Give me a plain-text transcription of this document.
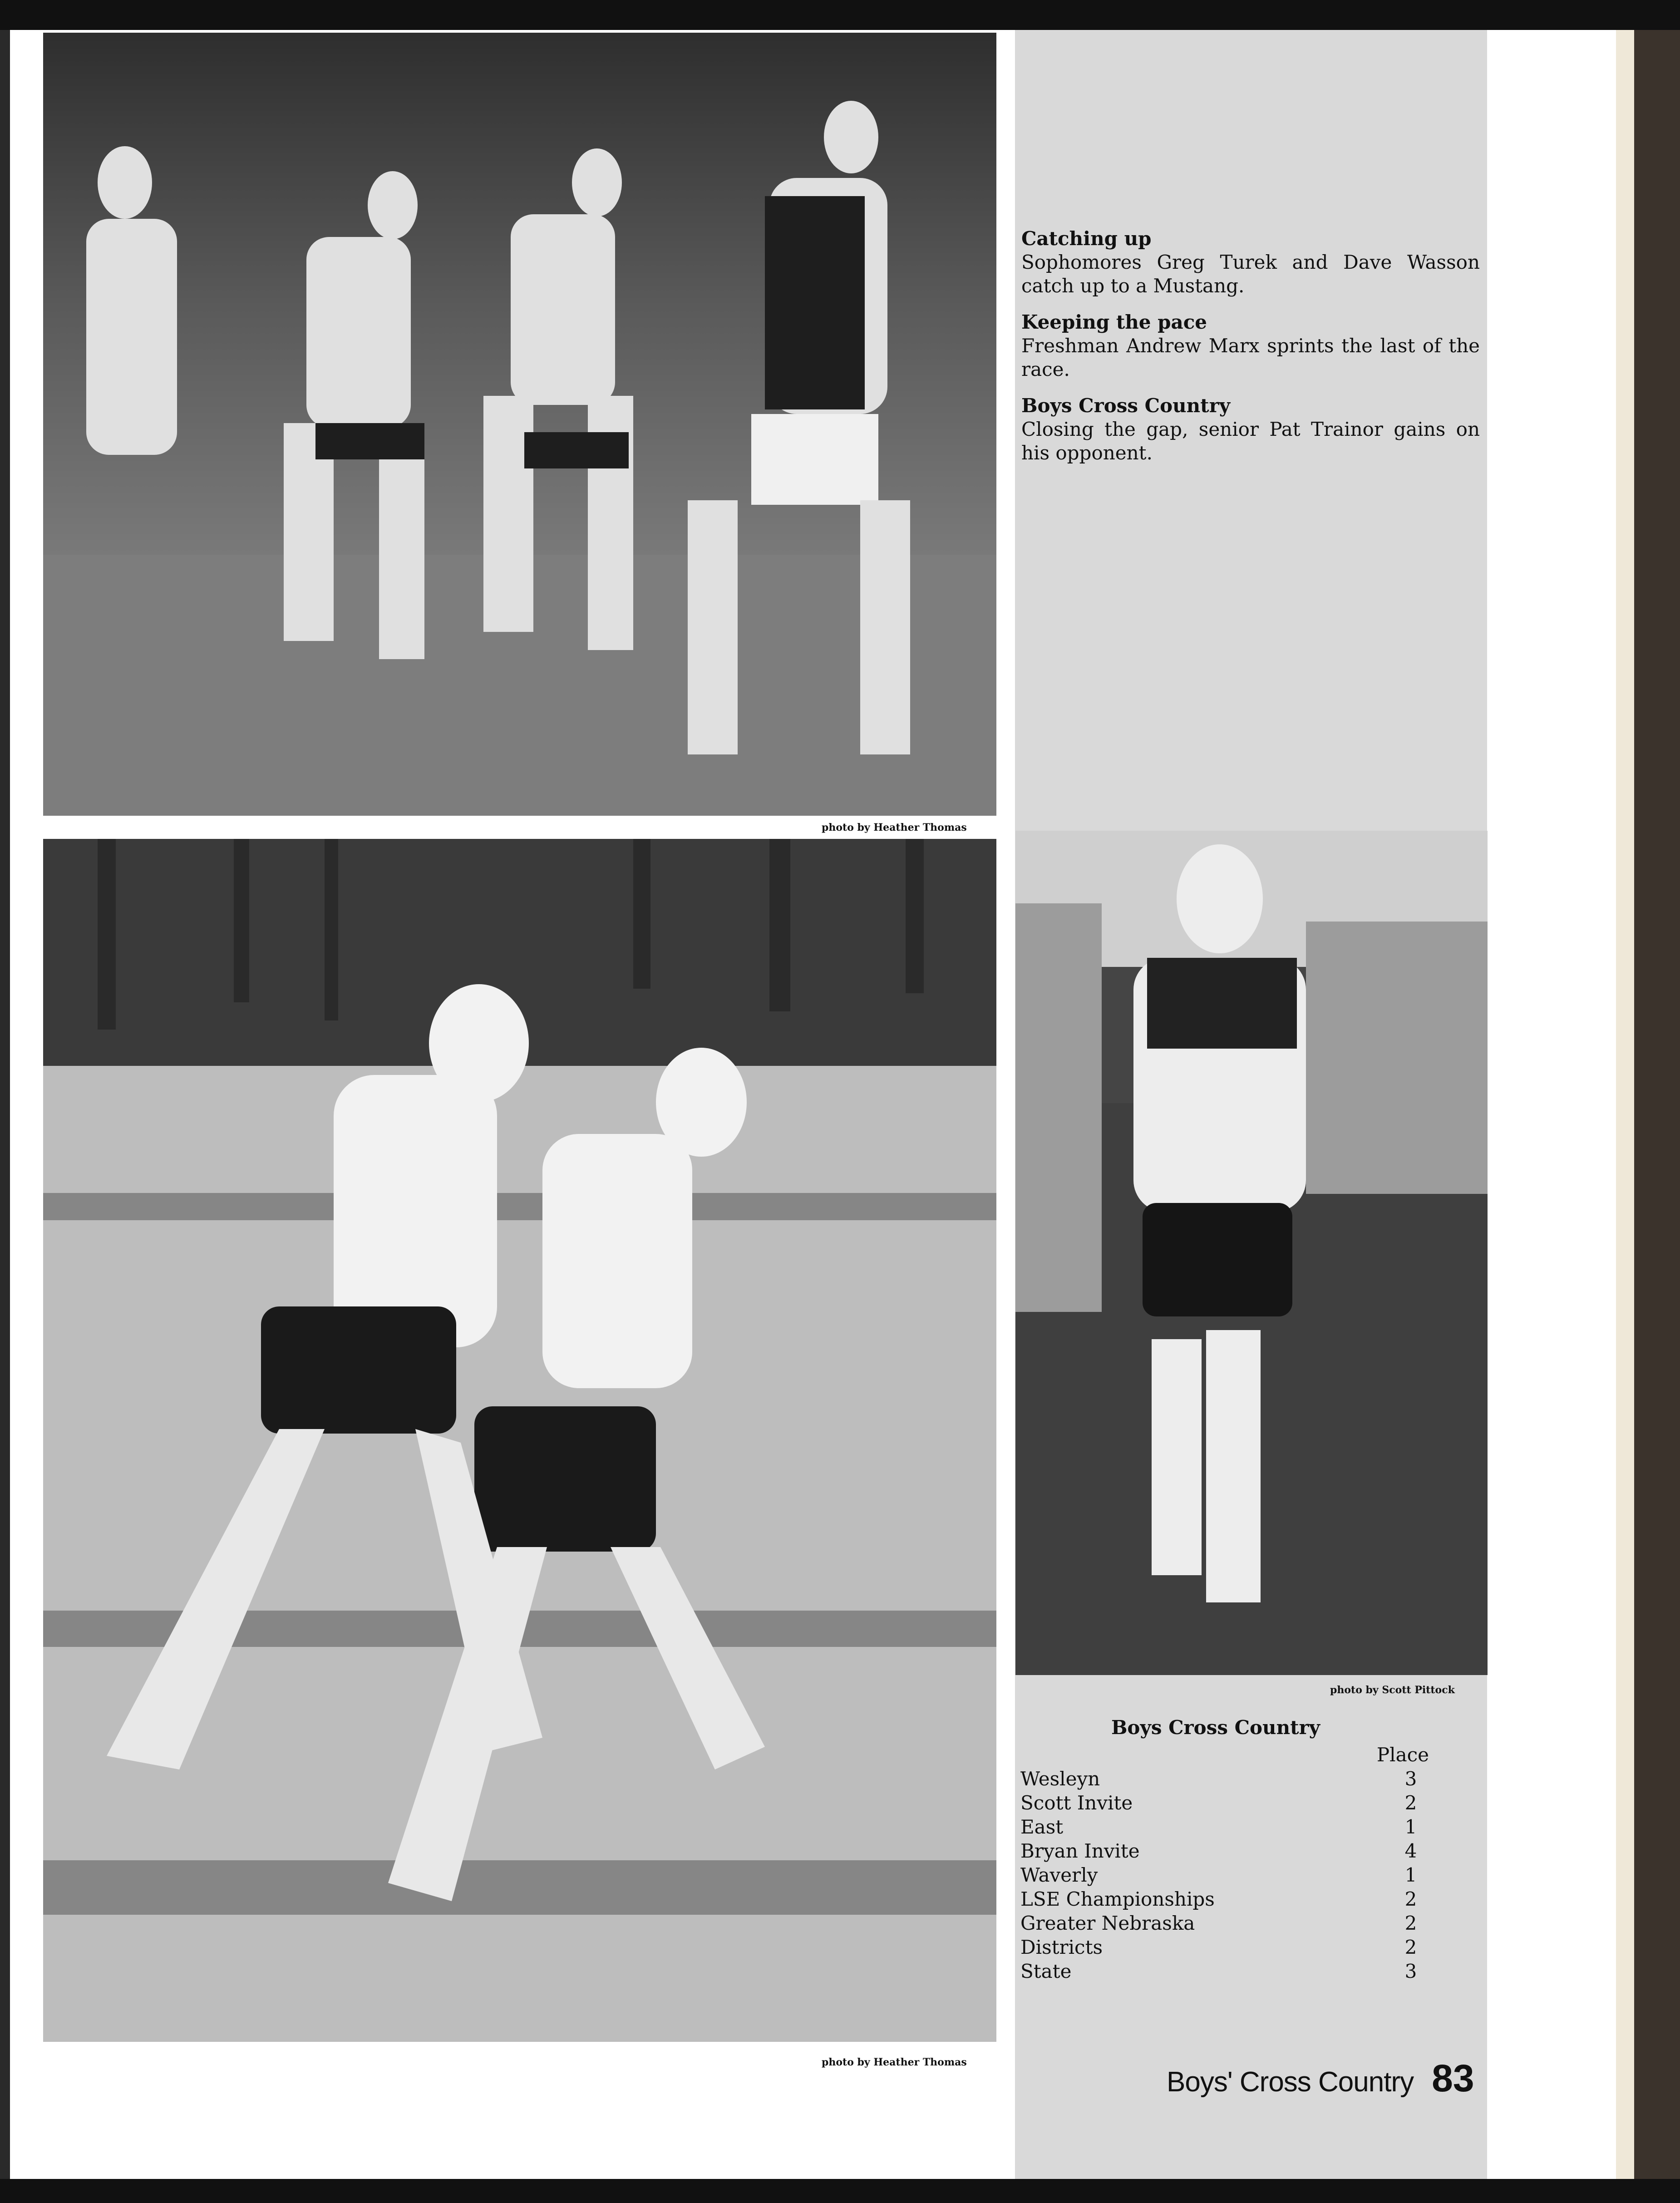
photo by Heather Thomas
photo by Heather Thomas
photo by Scott Pittock

Catching up

Sophomores Greg Turek and Dave Wasson catch up to a Mustang.

Keeping the pace

Freshman Andrew Marx sprints the last of the race.

Boys Cross Country

Closing the gap, senior Pat Trainor gains on his opponent.

Boys Cross Country
Place
Wesleyn	3
Scott Invite	2
East	1
Bryan Invite	4
Waverly	1
LSE Championships	2
Greater Nebraska	2
Districts	2
State	3
Boys' Cross Country 83
